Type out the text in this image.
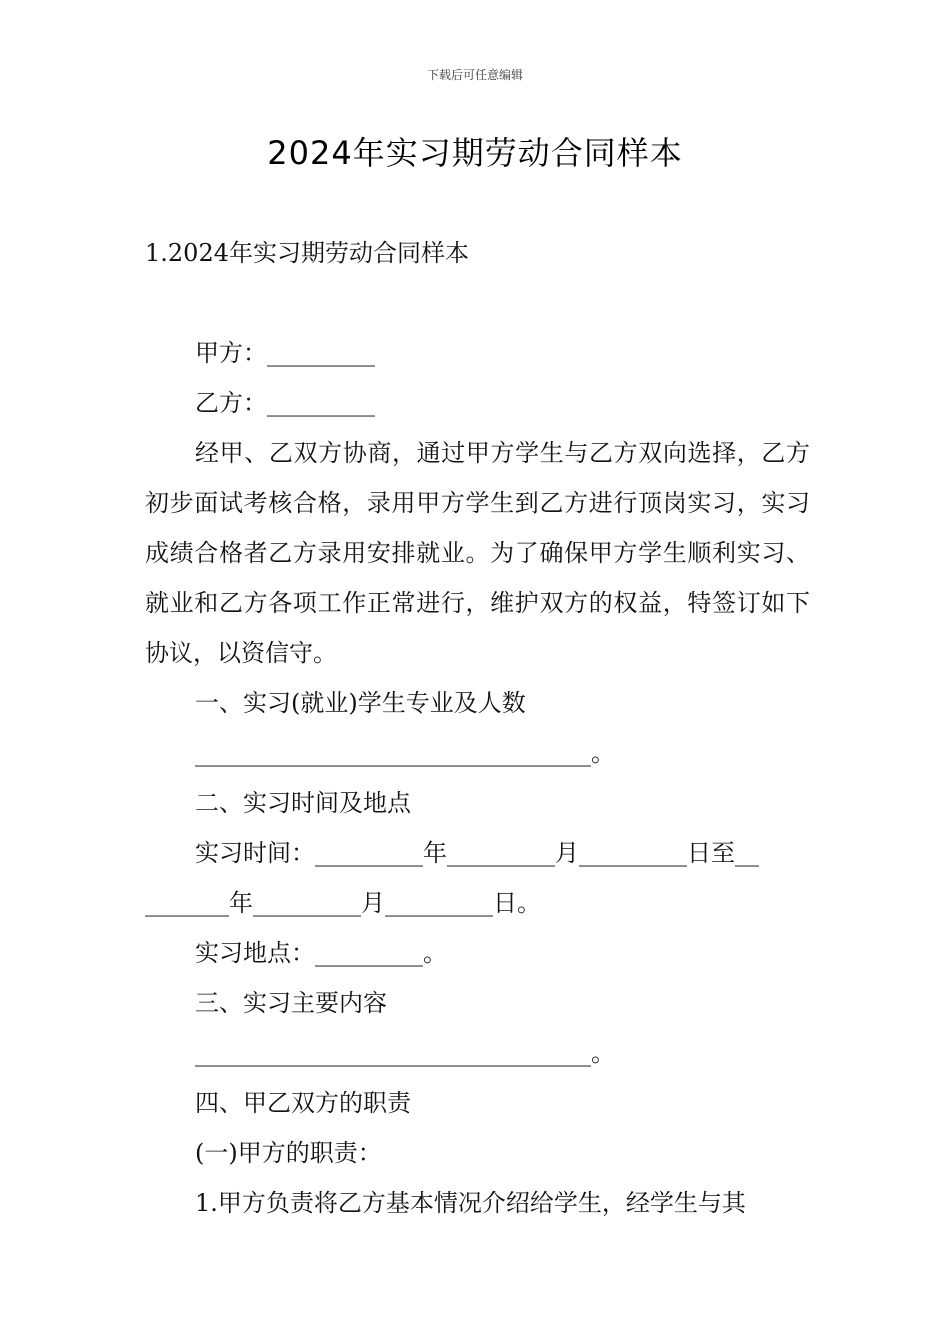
下载后可任意编辑
2024年实习期劳动合同样本
1.2024年实习期劳动合同样本
甲方：_________
乙方：_________
经甲、乙双方协商，通过甲方学生与乙方双向选择，乙方初步面试考核合格，录用甲方学生到乙方进行顶岗实习，实习成绩合格者乙方录用安排就业。为了确保甲方学生顺利实习、就业和乙方各项工作正常进行，维护双方的权益，特签订如下协议，以资信守。
一、实习(就业)学生专业及人数
_________________________________。
二、实习时间及地点
实习时间：_________年_________月_________日至__
_______年_________月_________日。
实习地点：_________。
三、实习主要内容
_________________________________。
四、甲乙双方的职责
(一)甲方的职责：
1.甲方负责将乙方基本情况介绍给学生，经学生与其
